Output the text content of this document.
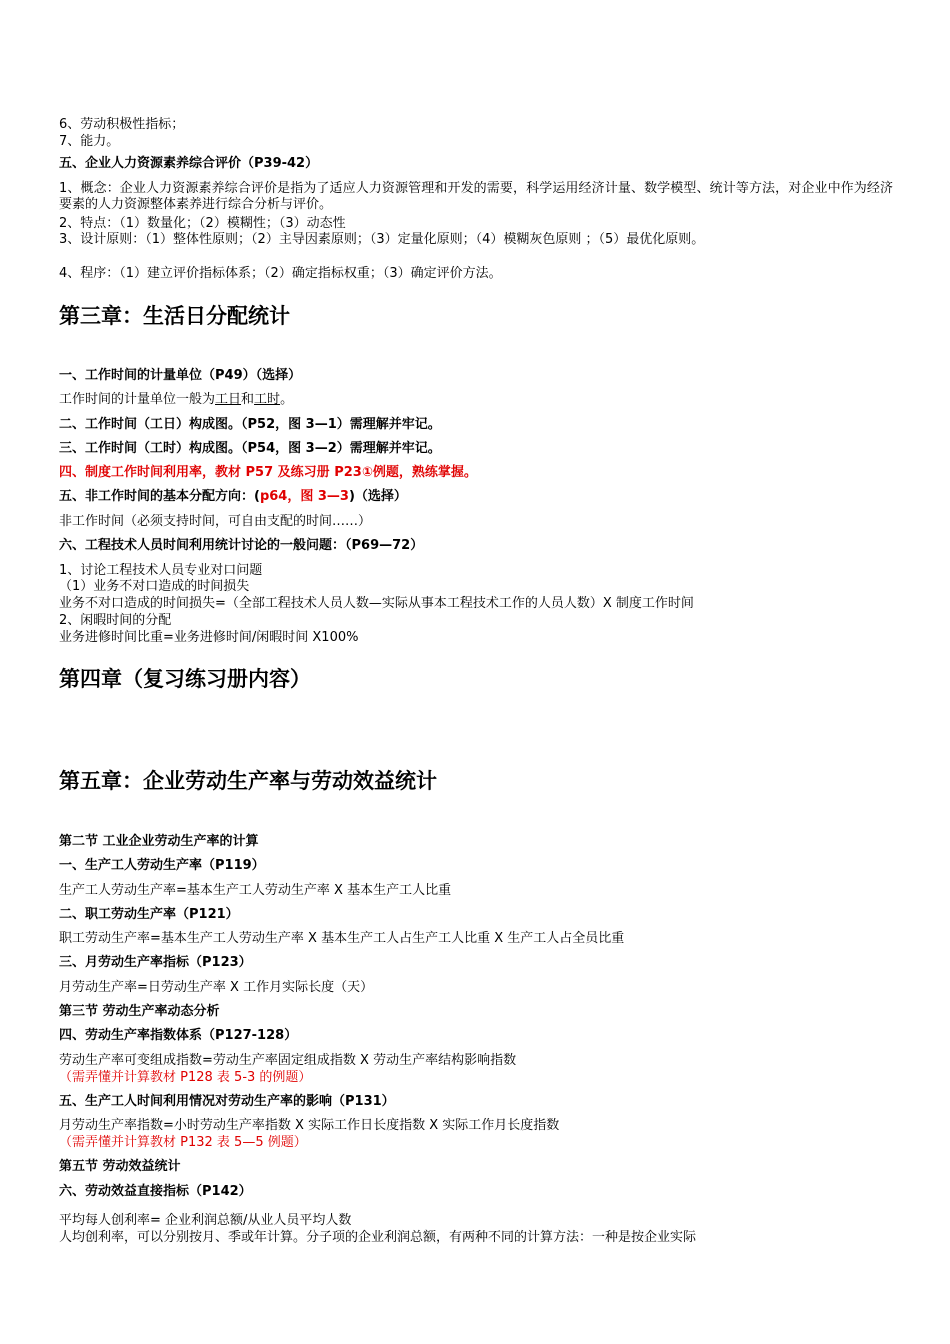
6、劳动积极性指标；
7、能力。
五、企业人力资源素养综合评价（P39-42）
1、概念：企业人力资源素养综合评价是指为了适应人力资源管理和开发的需要，科学运用经济计量、数学模型、统计等方法，对企业中作为经济要素的人力资源整体素养进行综合分析与评价。
2、特点：（1）数量化；（2）模糊性；（3）动态性
3、设计原则：（1）整体性原则；（2）主导因素原则；（3）定量化原则；（4）模糊灰色原则 ；（5）最优化原则。
4、程序：（1）建立评价指标体系；（2）确定指标权重；（3）确定评价方法。
第三章：生活日分配统计
一、工作时间的计量单位（P49）（选择）
工作时间的计量单位一般为工日和工时。
二、工作时间（工日）构成图。（P52，图 3—1）需理解并牢记。
三、工作时间（工时）构成图。（P54，图 3—2）需理解并牢记。
四、制度工作时间利用率，教材 P57 及练习册 P23①例题，熟练掌握。
五、非工作时间的基本分配方向：(p64，图 3—3)（选择）
非工作时间（必须支持时间，可自由支配的时间……）
六、工程技术人员时间利用统计讨论的一般问题：（P69—72）
1、讨论工程技术人员专业对口问题
（1）业务不对口造成的时间损失
业务不对口造成的时间损失=（全部工程技术人员人数—实际从事本工程技术工作的人员人数）X 制度工作时间
2、闲暇时间的分配
业务进修时间比重=业务进修时间/闲暇时间 X100%
第四章（复习练习册内容）
第五章：企业劳动生产率与劳动效益统计
第二节 工业企业劳动生产率的计算
一、生产工人劳动生产率（P119）
生产工人劳动生产率=基本生产工人劳动生产率 X 基本生产工人比重
二、职工劳动生产率（P121）
职工劳动生产率=基本生产工人劳动生产率 X 基本生产工人占生产工人比重 X 生产工人占全员比重
三、月劳动生产率指标（P123）
月劳动生产率=日劳动生产率 X 工作月实际长度（天）
第三节 劳动生产率动态分析
四、劳动生产率指数体系（P127-128）
劳动生产率可变组成指数=劳动生产率固定组成指数 X 劳动生产率结构影响指数
（需弄懂并计算教材 P128 表 5-3 的例题）
五、生产工人时间利用情况对劳动生产率的影响（P131）
月劳动生产率指数=小时劳动生产率指数 X 实际工作日长度指数 X 实际工作月长度指数
（需弄懂并计算教材 P132 表 5—5 例题）
第五节 劳动效益统计
六、劳动效益直接指标（P142）
平均每人创利率= 企业利润总额/从业人员平均人数
人均创利率，可以分别按月、季或年计算。分子项的企业利润总额，有两种不同的计算方法：一种是按企业实际
